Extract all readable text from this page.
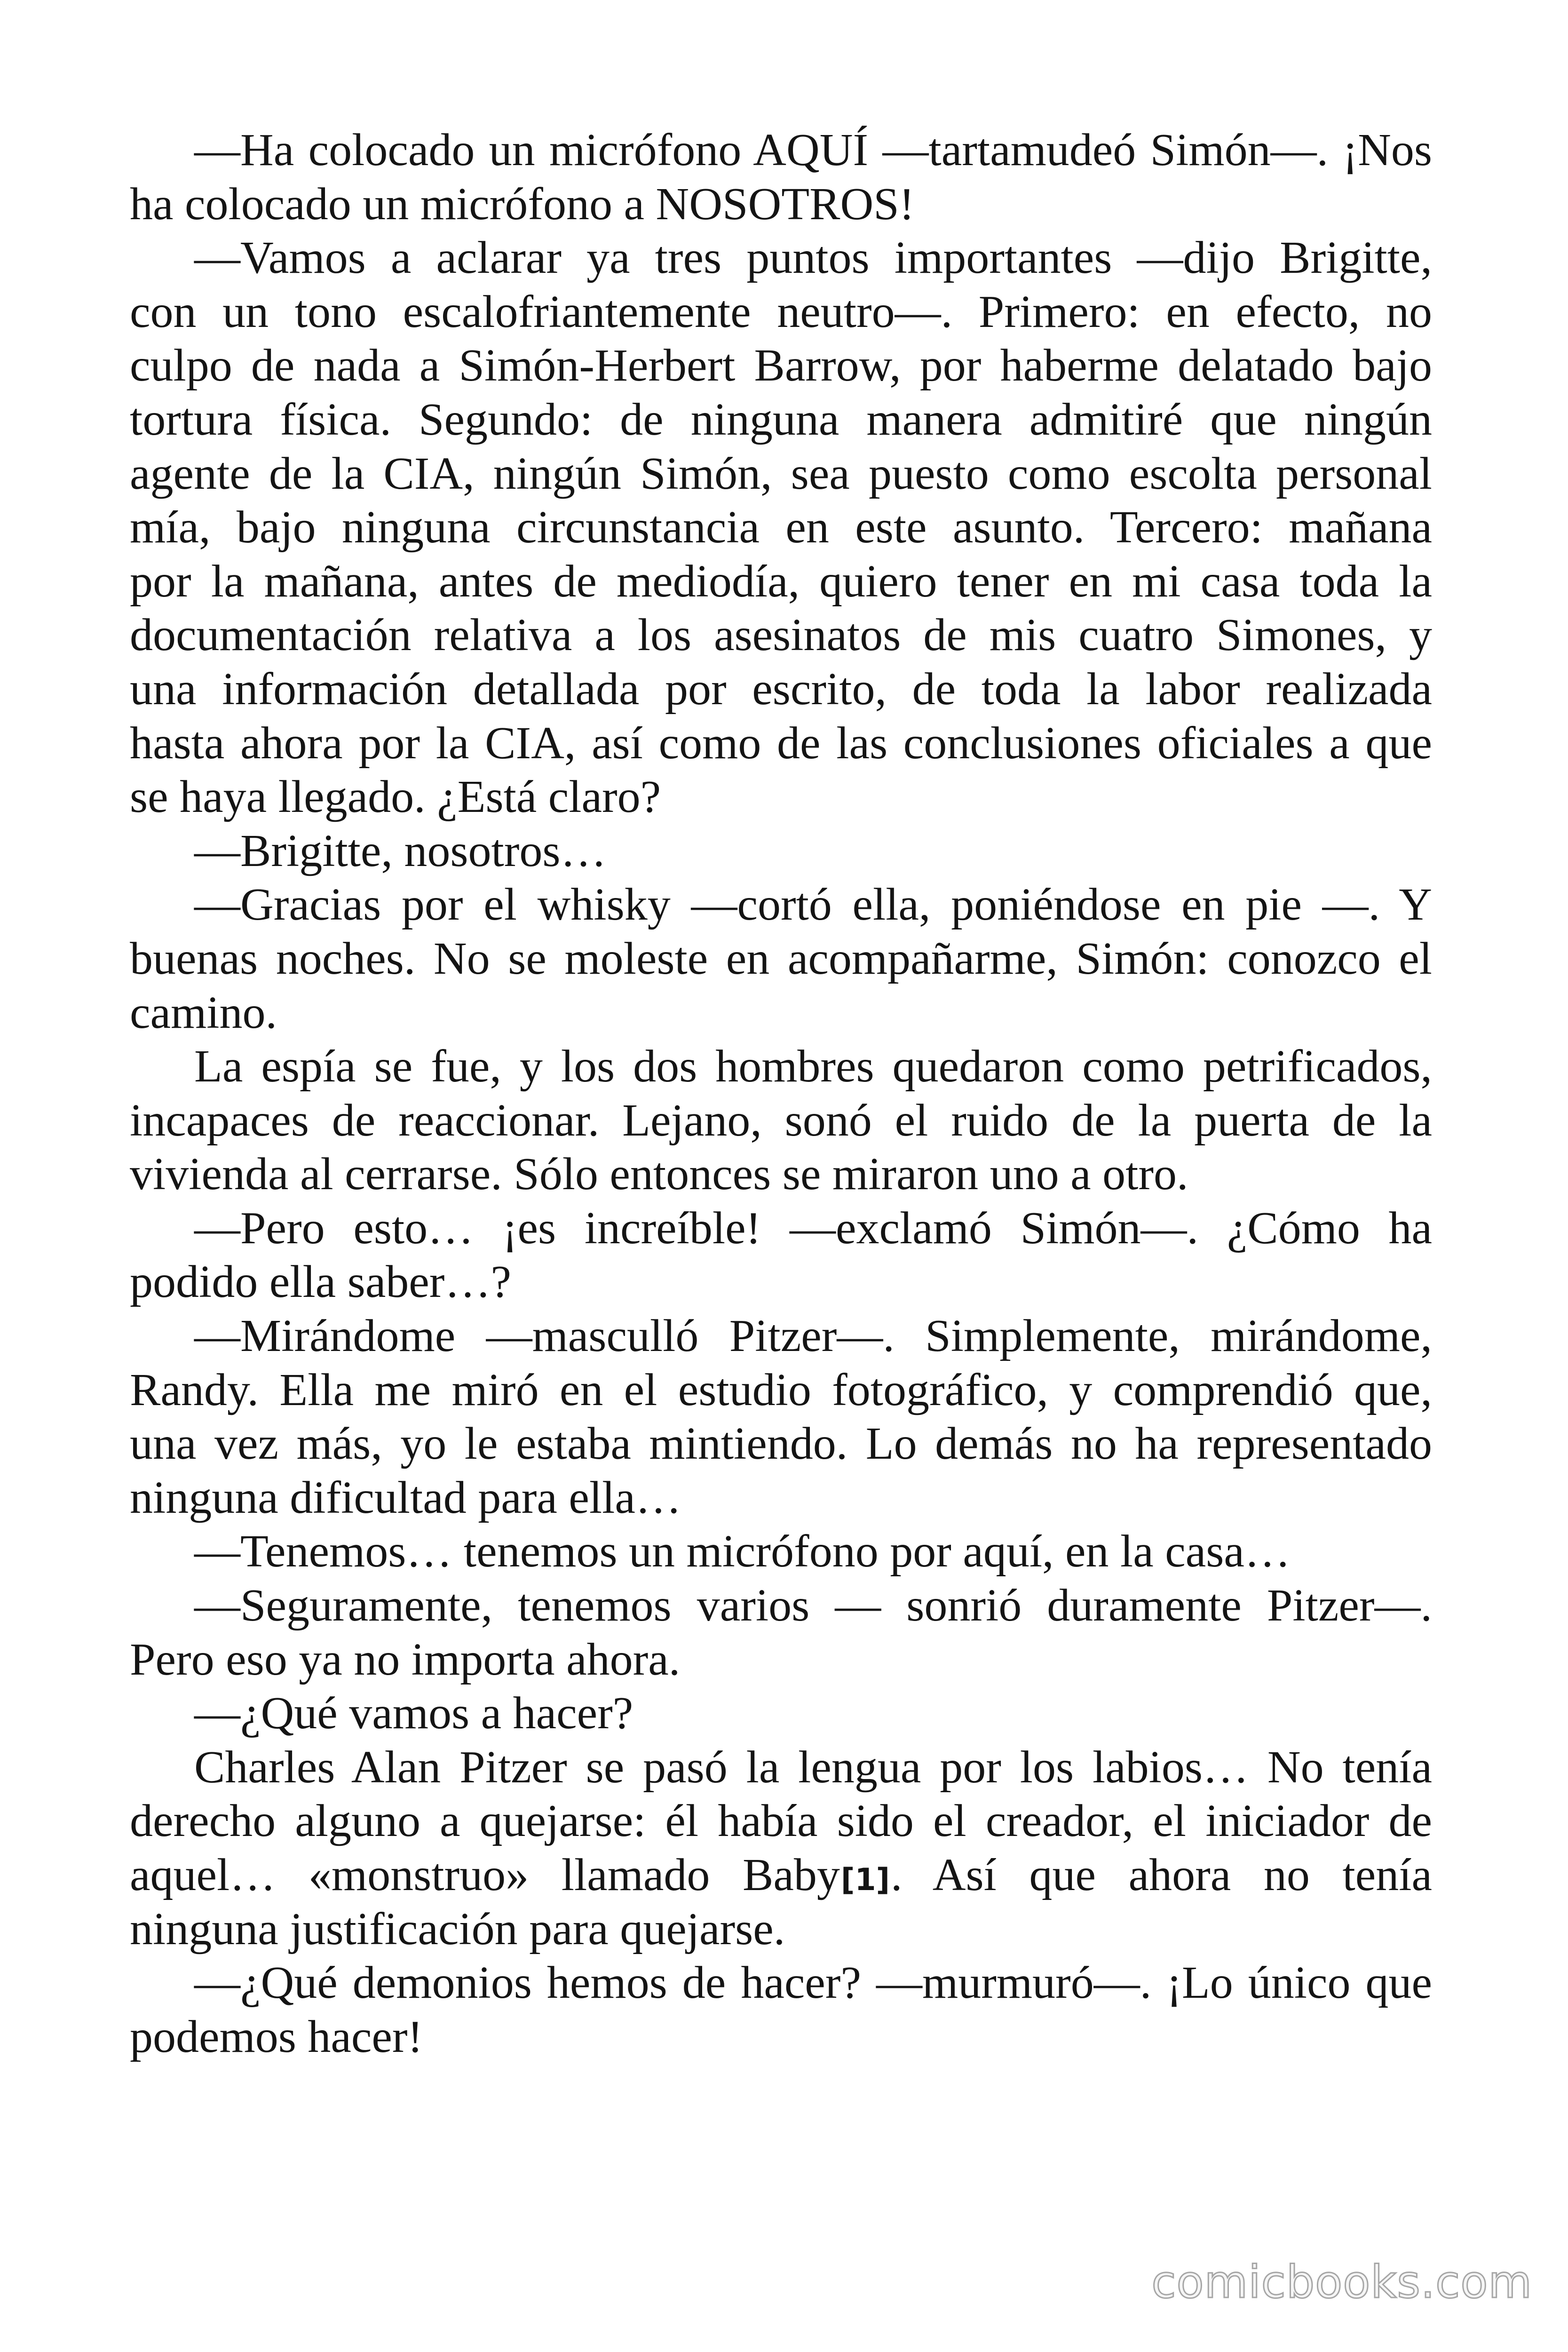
—Ha colocado un micrófono AQUÍ —tartamudeó Simón—. ¡Nos
ha colocado un micrófono a NOSOTROS!
—Vamos a aclarar ya tres puntos importantes —dijo Brigitte,
con un tono escalofriantemente neutro—. Primero: en efecto, no
culpo de nada a Simón-Herbert Barrow, por haberme delatado bajo
tortura física. Segundo: de ninguna manera admitiré que ningún
agente de la CIA, ningún Simón, sea puesto como escolta personal
mía, bajo ninguna circunstancia en este asunto. Tercero: mañana
por la mañana, antes de mediodía, quiero tener en mi casa toda la
documentación relativa a los asesinatos de mis cuatro Simones, y
una información detallada por escrito, de toda la labor realizada
hasta ahora por la CIA, así como de las conclusiones oficiales a que
se haya llegado. ¿Está claro?
—Brigitte, nosotros…
—Gracias por el whisky —cortó ella, poniéndose en pie —. Y
buenas noches. No se moleste en acompañarme, Simón: conozco el
camino.
La espía se fue, y los dos hombres quedaron como petrificados,
incapaces de reaccionar. Lejano, sonó el ruido de la puerta de la
vivienda al cerrarse. Sólo entonces se miraron uno a otro.
—Pero esto… ¡es increíble! —exclamó Simón—. ¿Cómo ha
podido ella saber…?
—Mirándome —masculló Pitzer—. Simplemente, mirándome,
Randy. Ella me miró en el estudio fotográfico, y comprendió que,
una vez más, yo le estaba mintiendo. Lo demás no ha representado
ninguna dificultad para ella…
—Tenemos… tenemos un micrófono por aquí, en la casa…
—Seguramente, tenemos varios — sonrió duramente Pitzer—.
Pero eso ya no importa ahora.
—¿Qué vamos a hacer?
Charles Alan Pitzer se pasó la lengua por los labios… No tenía
derecho alguno a quejarse: él había sido el creador, el iniciador de
aquel… «monstruo» llamado Baby[1]. Así que ahora no tenía
ninguna justificación para quejarse.
—¿Qué demonios hemos de hacer? —murmuró—. ¡Lo único que
podemos hacer!
comicbooks.com
